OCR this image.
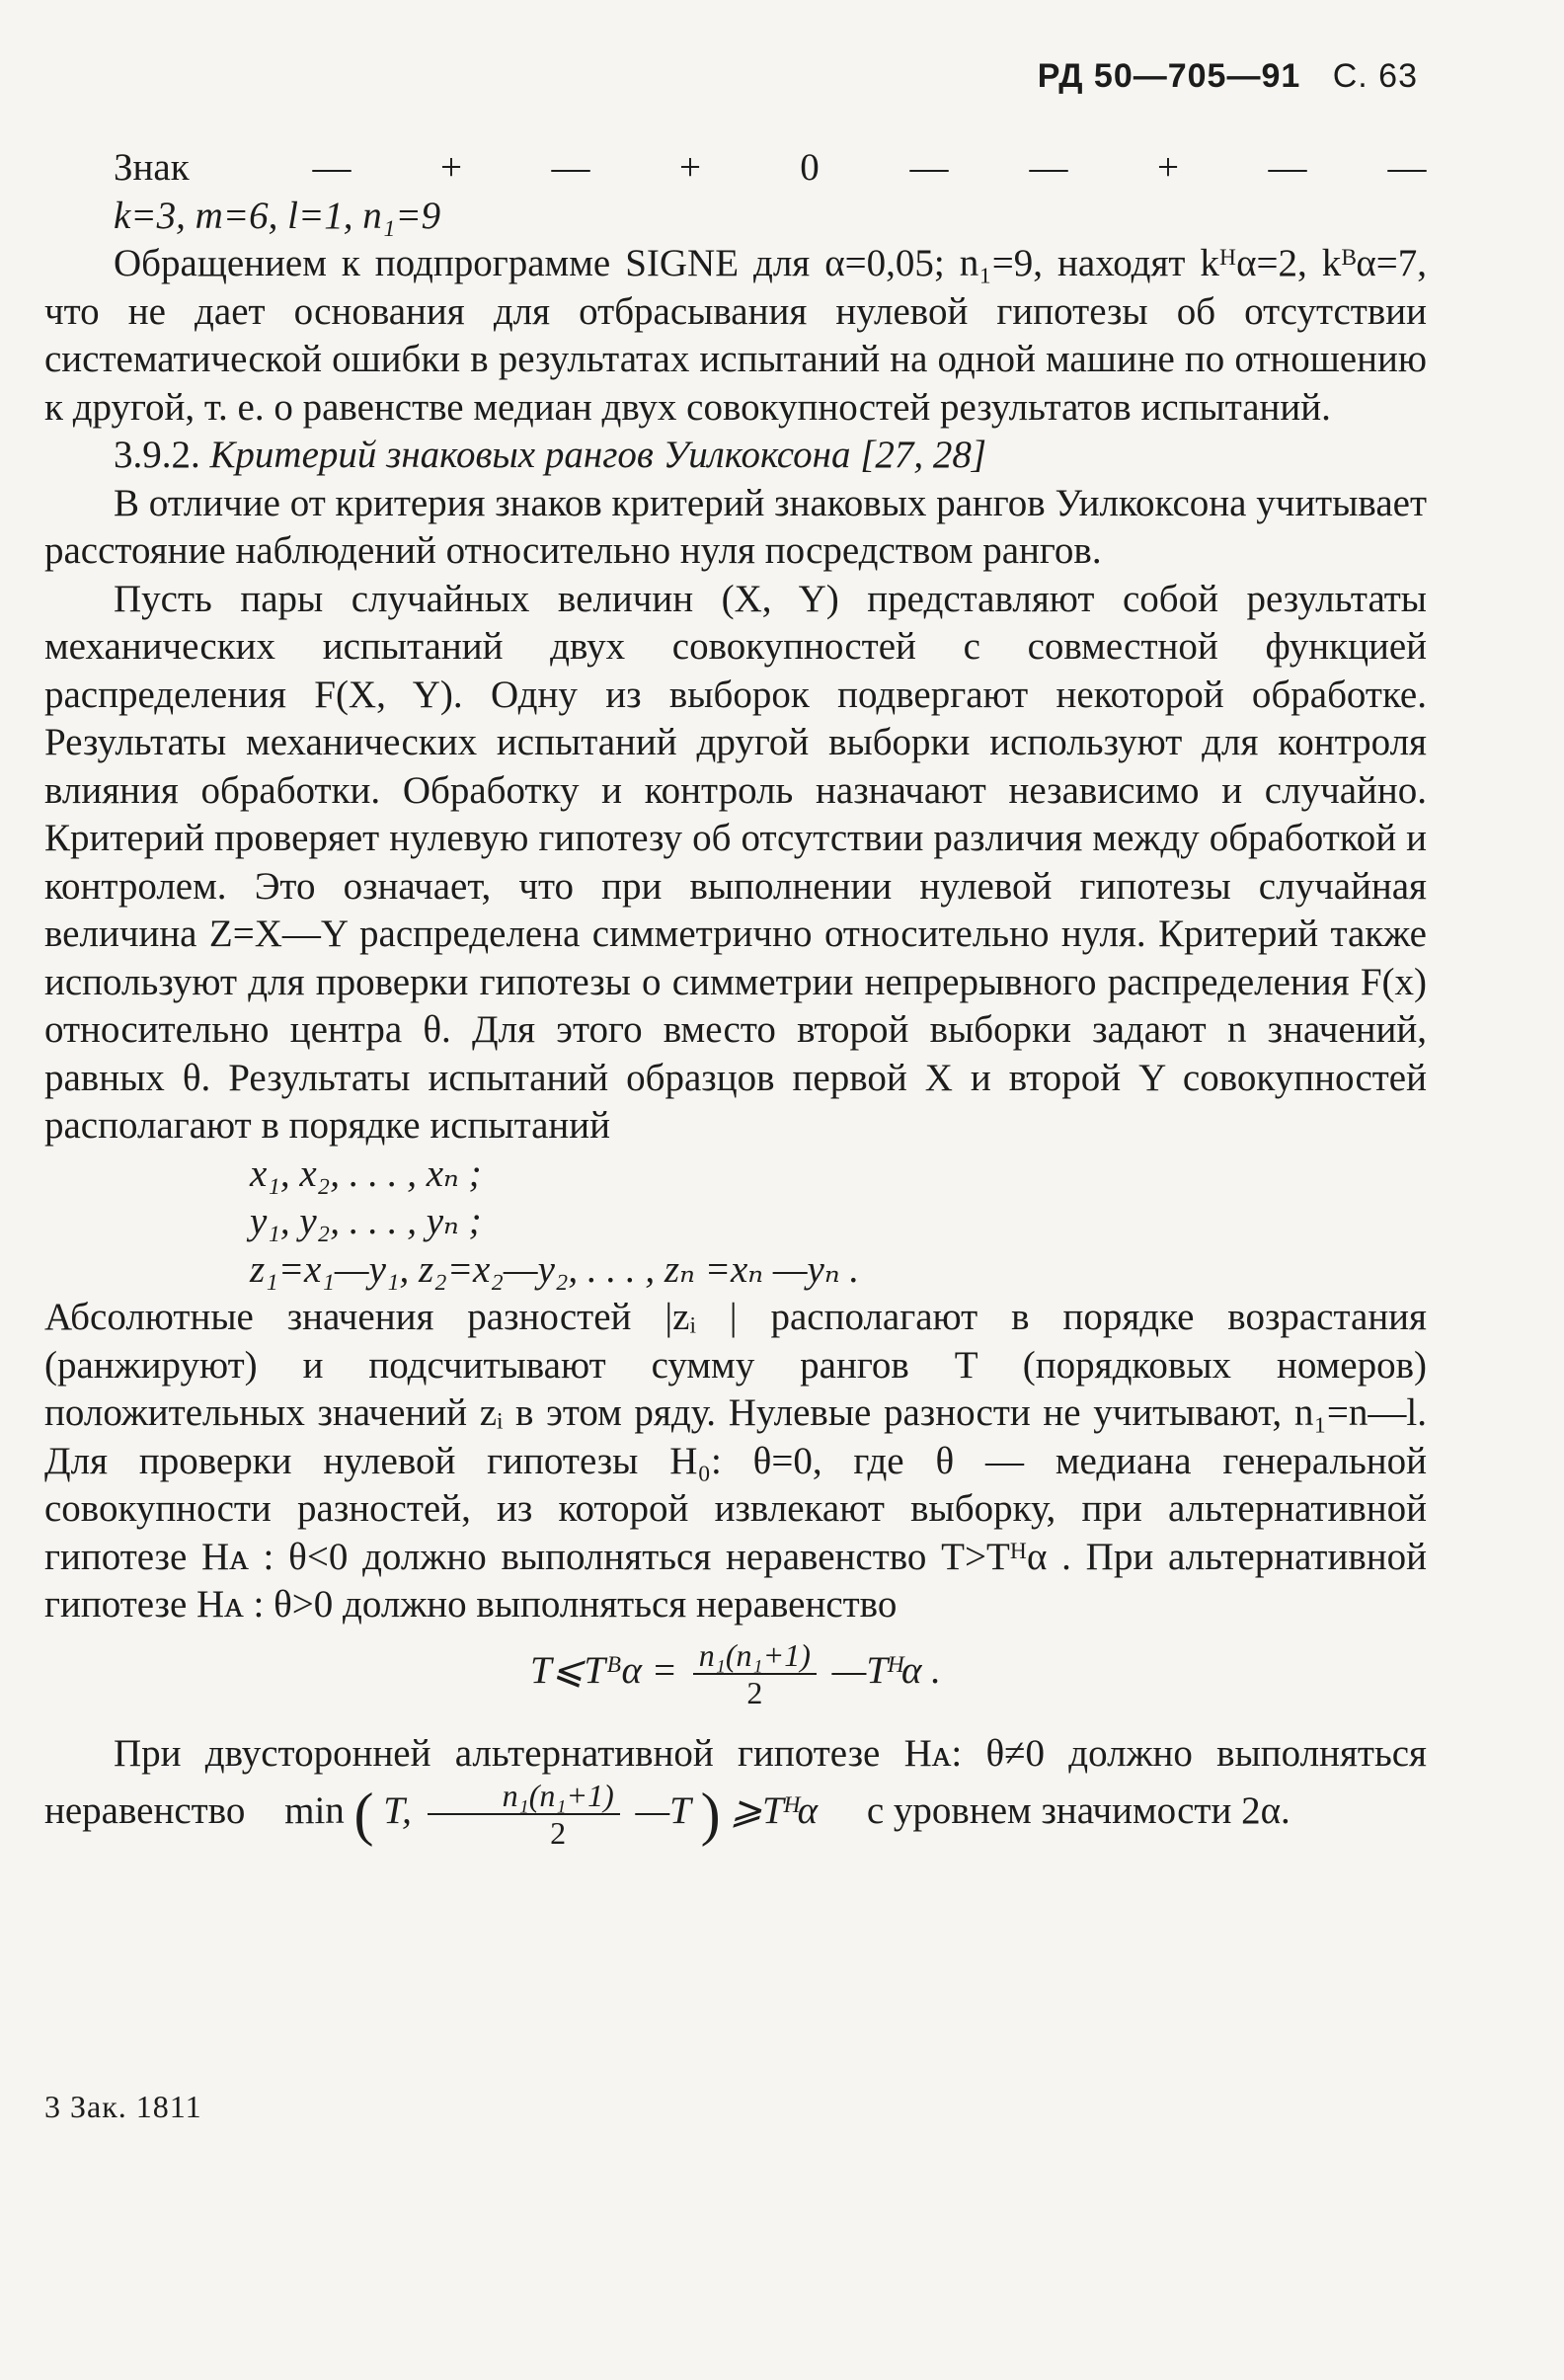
РД 50—705—91 С. 63
Знак	— + — +	0 — — + — —

k=3, m=6, l=1, n₁=9

Обращением к подпрограмме SIGNE для α=0,05; n₁=9, находят kᴴα=2, kᴮα=7, что не дает основания для отбрасывания нулевой гипотезы об отсутствии систематической ошибки в результатах испытаний на одной машине по отношению к другой, т. е. о равенстве медиан двух совокупностей результатов испытаний.

3.9.2. Критерий знаковых рангов Уилкоксона [27, 28]

В отличие от критерия знаков критерий знаковых рангов Уилкоксона учитывает расстояние наблюдений относительно нуля посредством рангов.

Пусть пары случайных величин (X, Y) представляют собой результаты механических испытаний двух совокупностей с совместной функцией распределения F(X, Y). Одну из выборок подвергают некоторой обработке. Результаты механических испытаний другой выборки используют для контроля влияния обработки. Обработку и контроль назначают независимо и случайно. Критерий проверяет нулевую гипотезу об отсутствии различия между обработкой и контролем. Это означает, что при выполнении нулевой гипотезы случайная величина Z=X—Y распределена симметрично относительно нуля. Критерий также используют для проверки гипотезы о симметрии непрерывного распределения F(x) относительно центра θ. Для этого вместо второй выборки задают n значений, равных θ. Результаты испытаний образцов первой X и второй Y совокупностей располагают в порядке испытаний

x₁, x₂, . . . , xₙ ;

y₁, y₂, . . . , yₙ ;

z₁=x₁—y₁, z₂=x₂—y₂, . . . , zₙ =xₙ —yₙ .

Абсолютные значения разностей |zᵢ | располагают в порядке возрастания (ранжируют) и подсчитывают сумму рангов T (порядковых номеров) положительных значений zᵢ в этом ряду. Нулевые разности не учитывают, n₁=n—l. Для проверки нулевой гипотезы H₀: θ=0, где θ — медиана генеральной совокупности разностей, из которой извлекают выборку, при альтернативной гипотезе Hᴀ : θ<0 должно выполняться неравенство T>Tᴴα . При альтернативной гипотезе Hᴀ : θ>0 должно выполняться неравенство

T⩽Tᴮα = $\frac{\text{n₁(n₁+1)}}{2}$ —Tᴴα .

При двусторонней альтернативной гипотезе Hᴀ: θ≠0 должно выполняться неравенство min ( T, $\frac{\text{n₁(n₁+1)}}{2}$ —T ) ⩾Tᴴα с уровнем значимости 2α.

3 Зак. 1811
